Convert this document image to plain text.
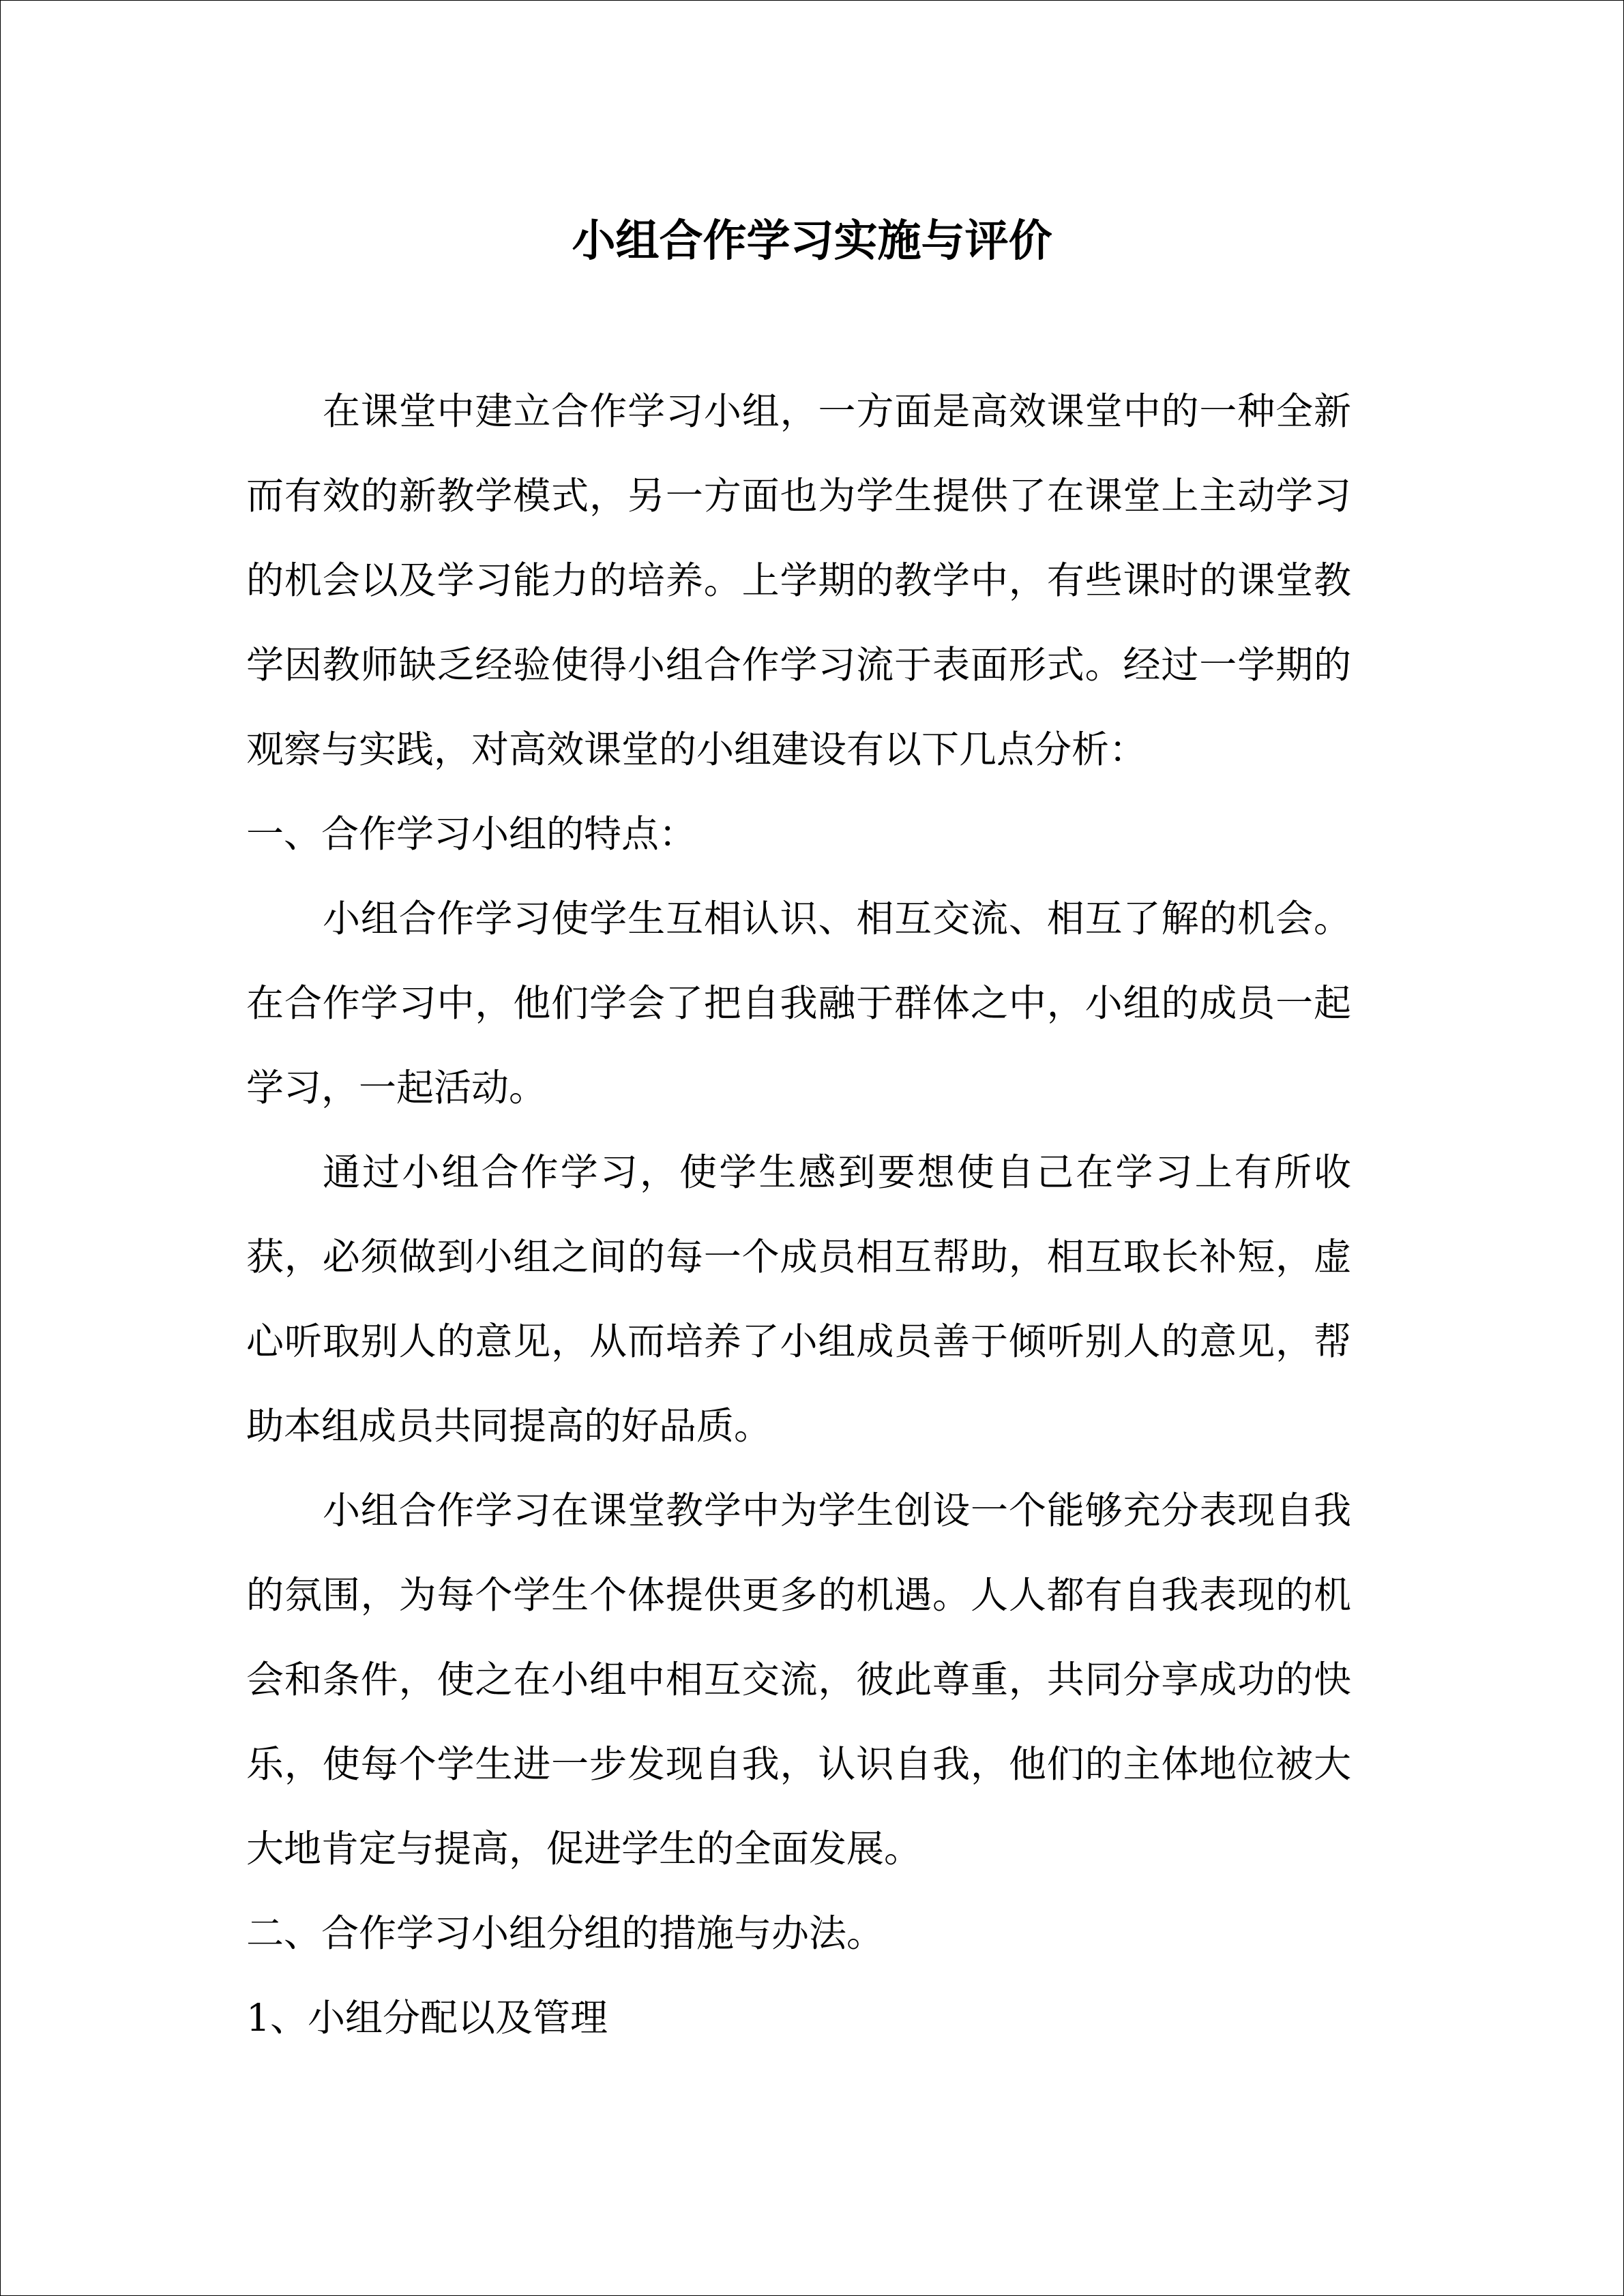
小组合作学习实施与评价

在课堂中建立合作学习小组，一方面是高效课堂中的一种全新而有效的新教学模式，另一方面也为学生提供了在课堂上主动学习的机会以及学习能力的培养。上学期的教学中，有些课时的课堂教学因教师缺乏经验使得小组合作学习流于表面形式。经过一学期的观察与实践，对高效课堂的小组建设有以下几点分析：

一、合作学习小组的特点：

小组合作学习使学生互相认识、相互交流、相互了解的机会。在合作学习中，他们学会了把自我融于群体之中，小组的成员一起学习，一起活动。

通过小组合作学习，使学生感到要想使自己在学习上有所收获，必须做到小组之间的每一个成员相互帮助，相互取长补短，虚心听取别人的意见，从而培养了小组成员善于倾听别人的意见，帮助本组成员共同提高的好品质。

小组合作学习在课堂教学中为学生创设一个能够充分表现自我的氛围，为每个学生个体提供更多的机遇。人人都有自我表现的机会和条件，使之在小组中相互交流，彼此尊重，共同分享成功的快乐，使每个学生进一步发现自我，认识自我，他们的主体地位被大大地肯定与提高，促进学生的全面发展。

二、合作学习小组分组的措施与办法。

1、小组分配以及管理
